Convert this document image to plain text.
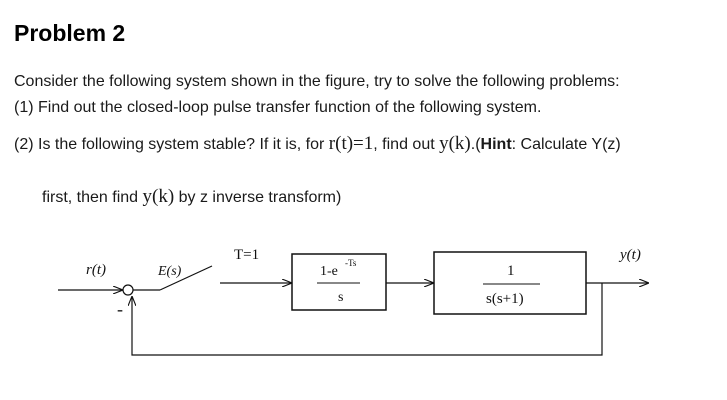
Problem 2
Consider the following system shown in the figure, try to solve the following problems:
(1) Find out the closed-loop pulse transfer function of the following system.
(2) Is the following system stable? If it is, for r(t)=1, find out y(k).(Hint: Calculate Y(z)
first, then find y(k) by z inverse transform)
1-e
-Ts
s
1
s(s+1)
r(t)	E(s)
T=1	y(t)
-
